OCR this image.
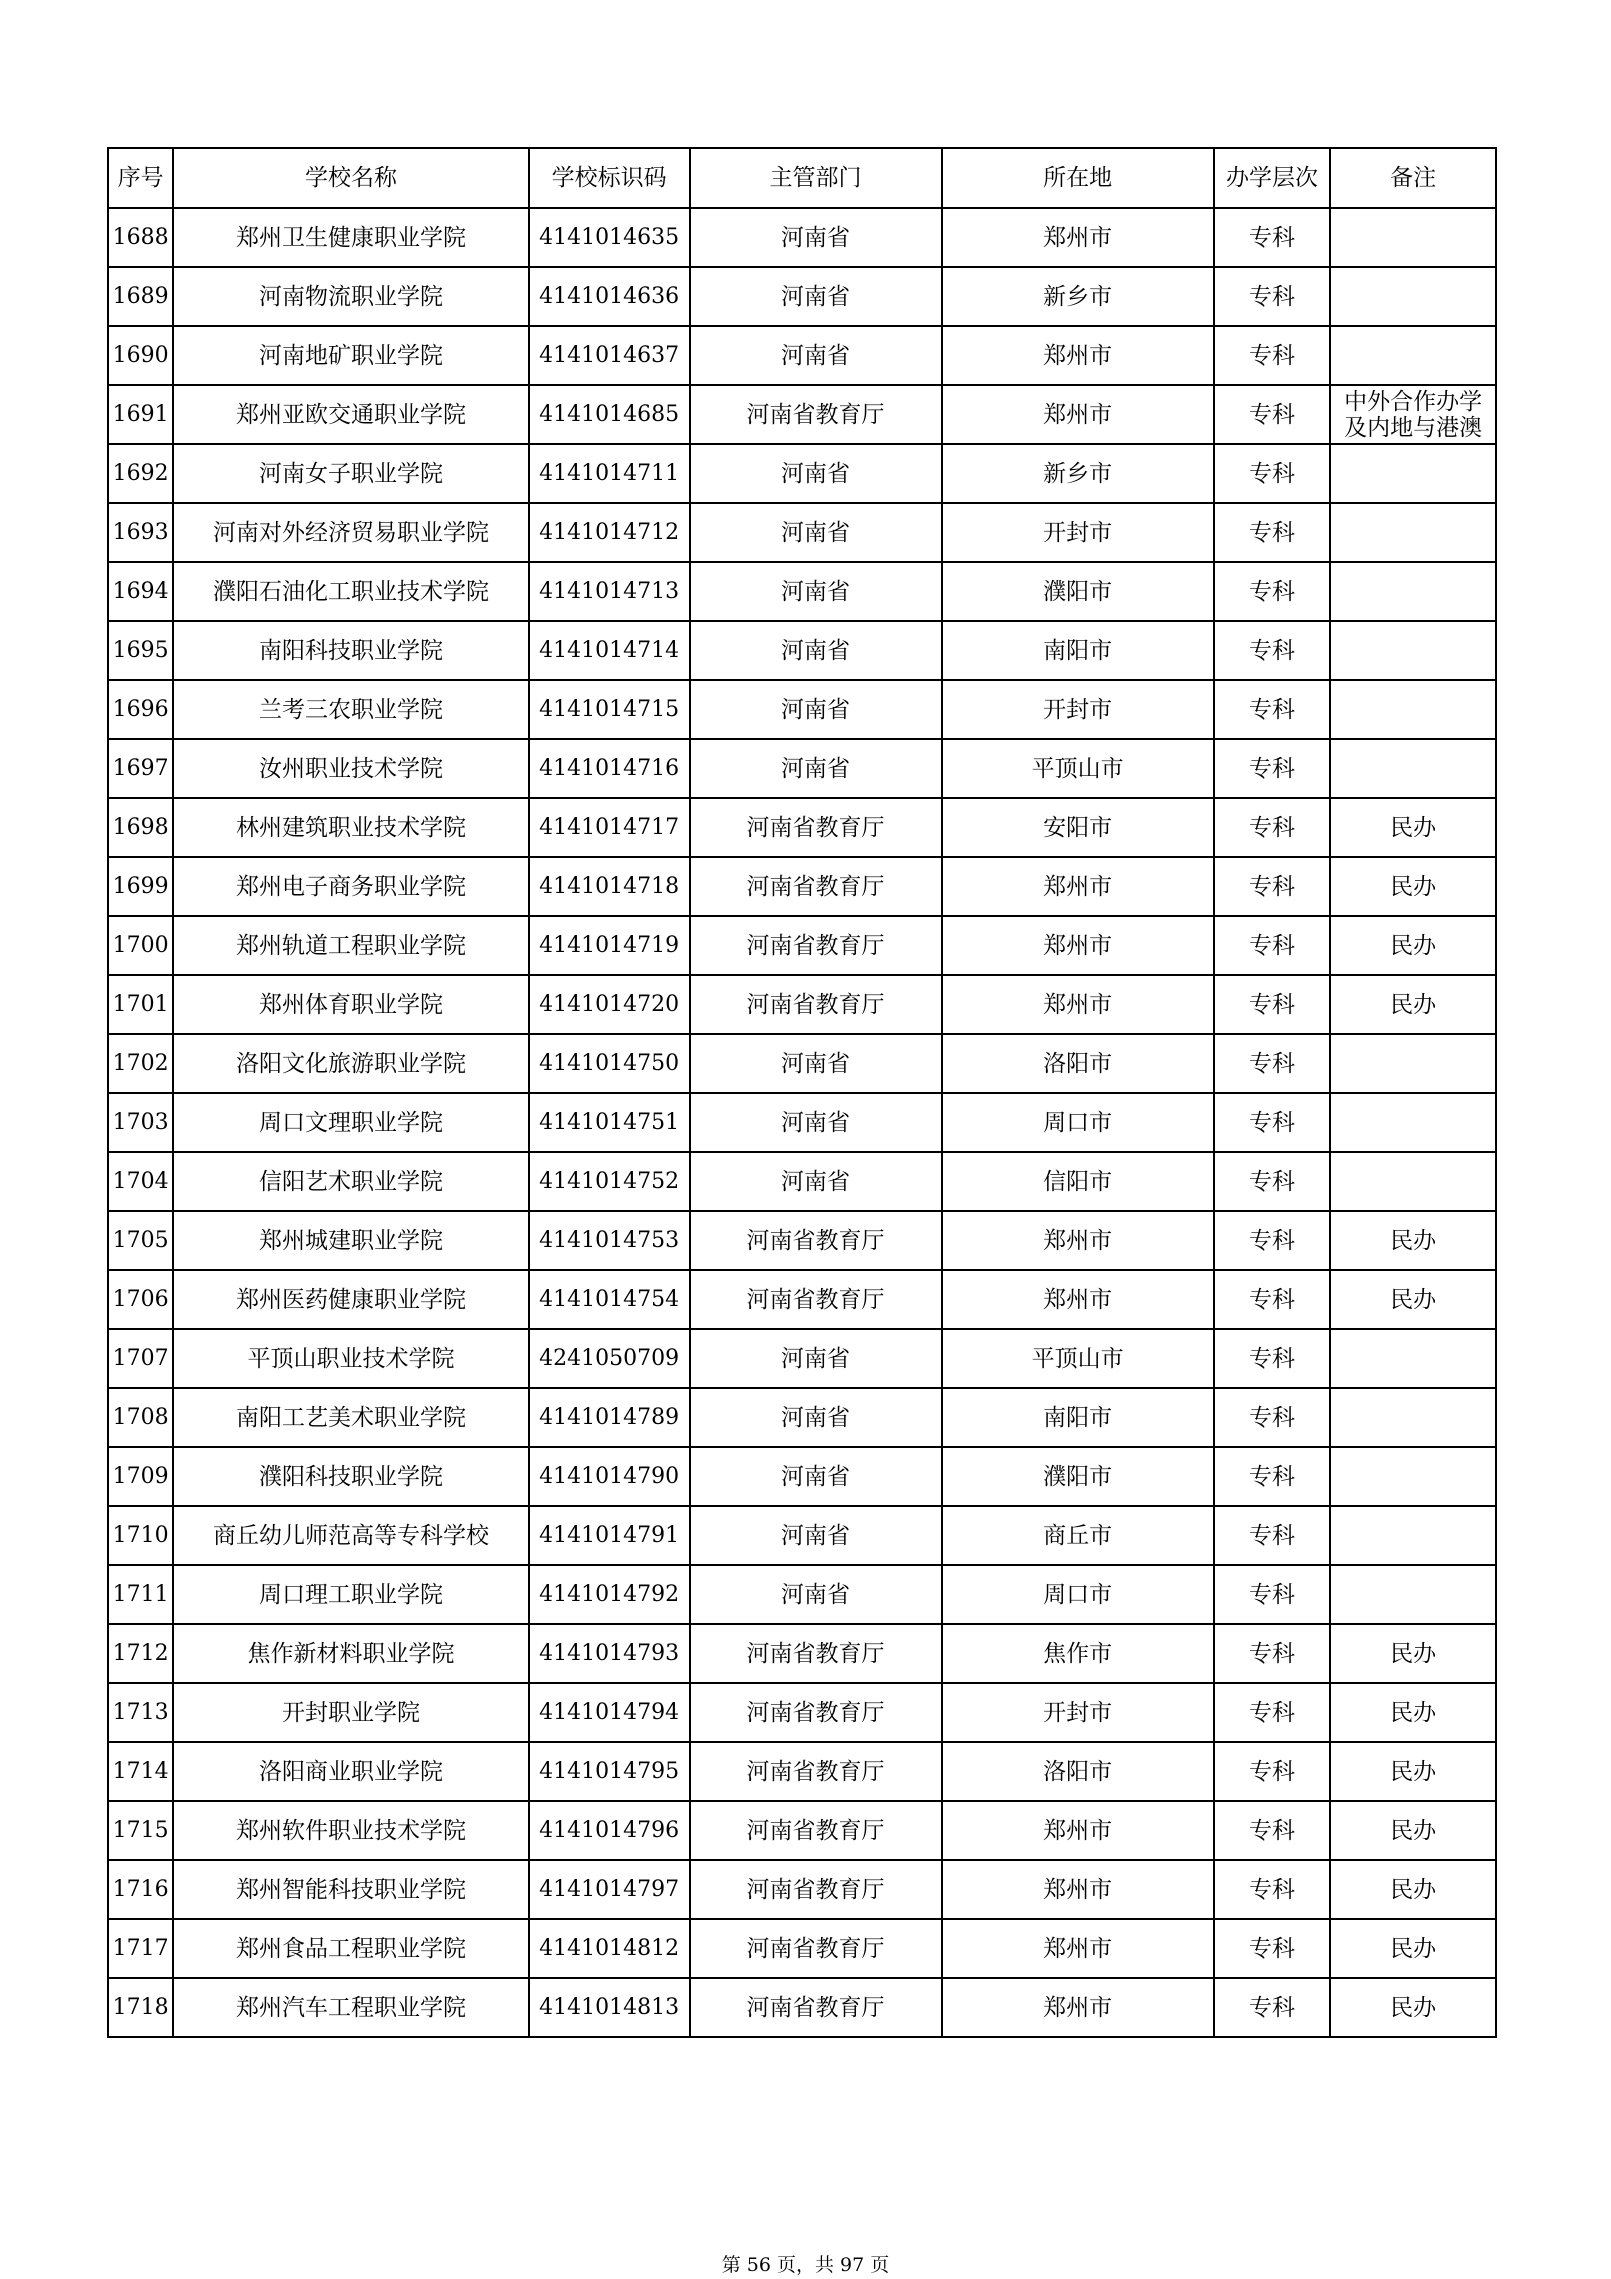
序号	学校名称	学校标识码	主管部门	所在地	办学层次	备注
1688	郑州卫生健康职业学院	4141014635	河南省	郑州市	专科	
1689	河南物流职业学院	4141014636	河南省	新乡市	专科	
1690	河南地矿职业学院	4141014637	河南省	郑州市	专科	
1691	郑州亚欧交通职业学院	4141014685	河南省教育厅	郑州市	专科	中外合作办学及内地与港澳
1692	河南女子职业学院	4141014711	河南省	新乡市	专科	
1693	河南对外经济贸易职业学院	4141014712	河南省	开封市	专科	
1694	濮阳石油化工职业技术学院	4141014713	河南省	濮阳市	专科	
1695	南阳科技职业学院	4141014714	河南省	南阳市	专科	
1696	兰考三农职业学院	4141014715	河南省	开封市	专科	
1697	汝州职业技术学院	4141014716	河南省	平顶山市	专科	
1698	林州建筑职业技术学院	4141014717	河南省教育厅	安阳市	专科	民办
1699	郑州电子商务职业学院	4141014718	河南省教育厅	郑州市	专科	民办
1700	郑州轨道工程职业学院	4141014719	河南省教育厅	郑州市	专科	民办
1701	郑州体育职业学院	4141014720	河南省教育厅	郑州市	专科	民办
1702	洛阳文化旅游职业学院	4141014750	河南省	洛阳市	专科	
1703	周口文理职业学院	4141014751	河南省	周口市	专科	
1704	信阳艺术职业学院	4141014752	河南省	信阳市	专科	
1705	郑州城建职业学院	4141014753	河南省教育厅	郑州市	专科	民办
1706	郑州医药健康职业学院	4141014754	河南省教育厅	郑州市	专科	民办
1707	平顶山职业技术学院	4241050709	河南省	平顶山市	专科	
1708	南阳工艺美术职业学院	4141014789	河南省	南阳市	专科	
1709	濮阳科技职业学院	4141014790	河南省	濮阳市	专科	
1710	商丘幼儿师范高等专科学校	4141014791	河南省	商丘市	专科	
1711	周口理工职业学院	4141014792	河南省	周口市	专科	
1712	焦作新材料职业学院	4141014793	河南省教育厅	焦作市	专科	民办
1713	开封职业学院	4141014794	河南省教育厅	开封市	专科	民办
1714	洛阳商业职业学院	4141014795	河南省教育厅	洛阳市	专科	民办
1715	郑州软件职业技术学院	4141014796	河南省教育厅	郑州市	专科	民办
1716	郑州智能科技职业学院	4141014797	河南省教育厅	郑州市	专科	民办
1717	郑州食品工程职业学院	4141014812	河南省教育厅	郑州市	专科	民办
1718	郑州汽车工程职业学院	4141014813	河南省教育厅	郑州市	专科	民办
第 56 页，共 97 页
